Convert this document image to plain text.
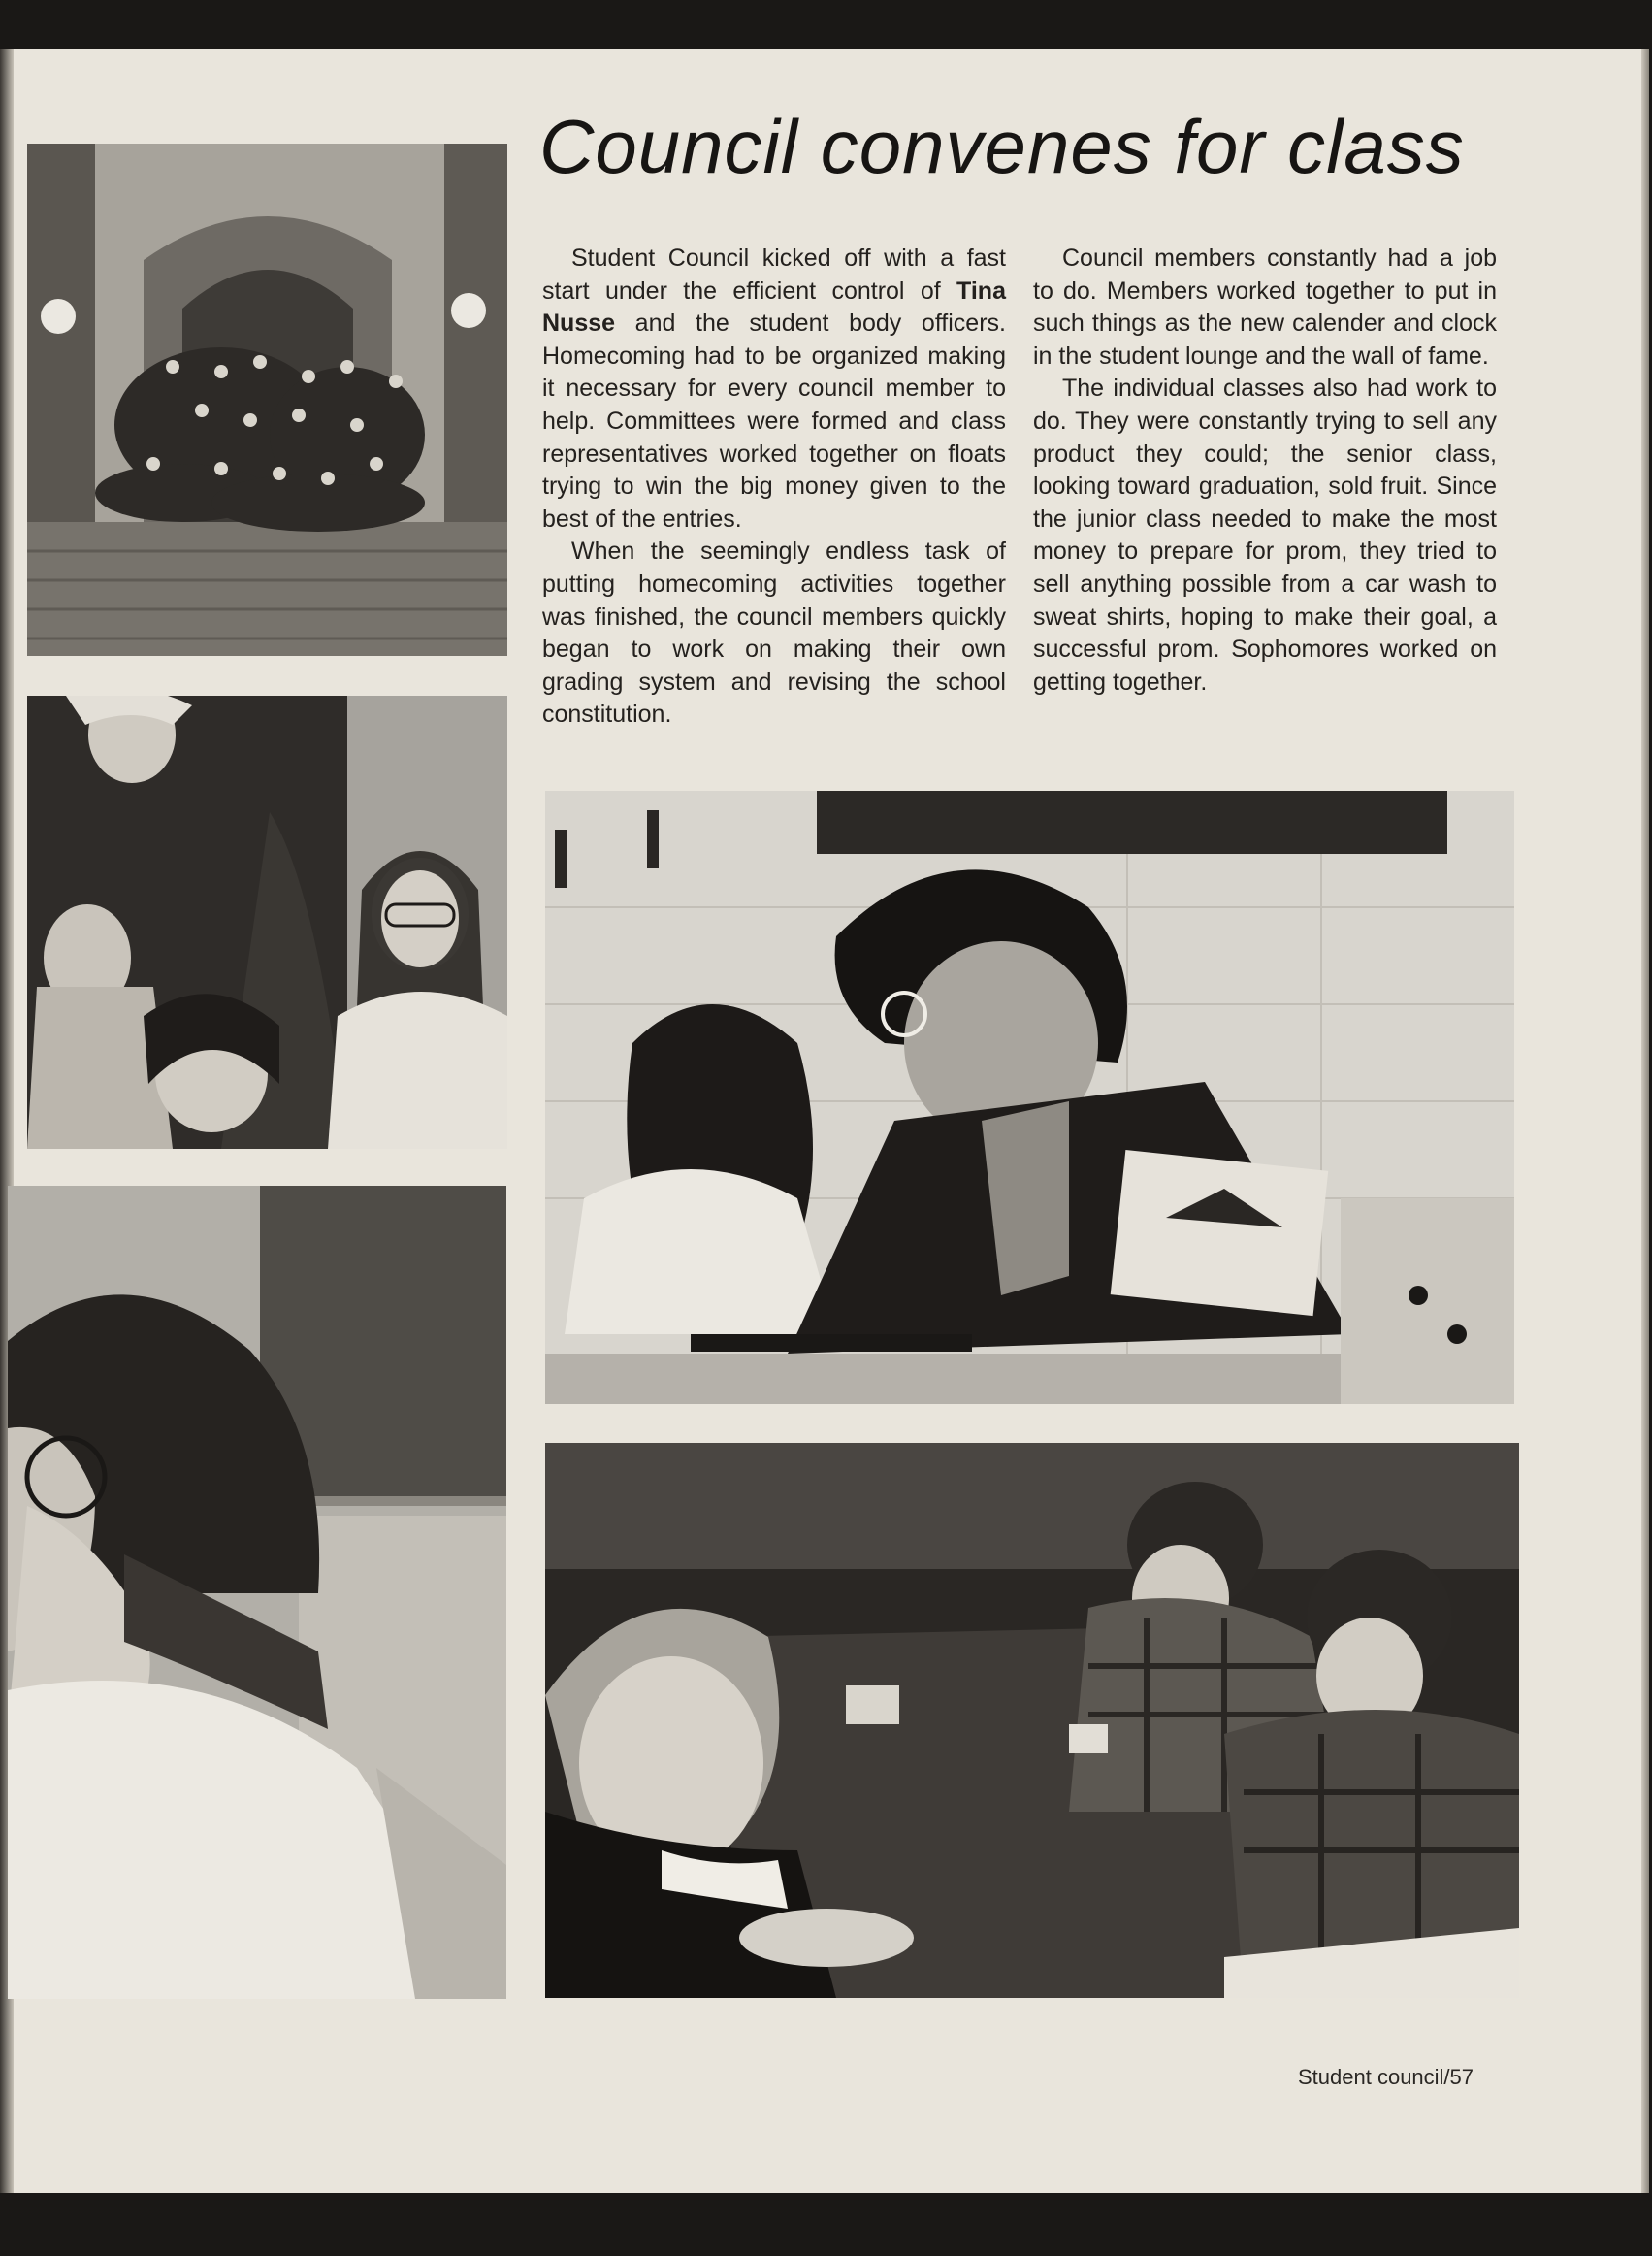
Council convenes for class

Student Council kicked off with a fast start under the efficient control of Tina Nusse and the student body officers. Homecoming had to be organized making it necessary for every council member to help. Committees were formed and class representatives worked together on floats trying to win the big money given to the best of the entries.

When the seemingly endless task of putting homecoming activities together was finished, the council members quickly began to work on making their own grading system and revising the school constitution.

Council members constantly had a job to do. Members worked together to put in such things as the new calender and clock in the student lounge and the wall of fame.

The individual classes also had work to do. They were constantly trying to sell any product they could; the senior class, looking toward graduation, sold fruit. Since the junior class needed to make the most money to prepare for prom, they tried to sell anything possible from a car wash to sweat shirts, hoping to make their goal, a successful prom. Sophomores worked on getting together.

Student council/57
